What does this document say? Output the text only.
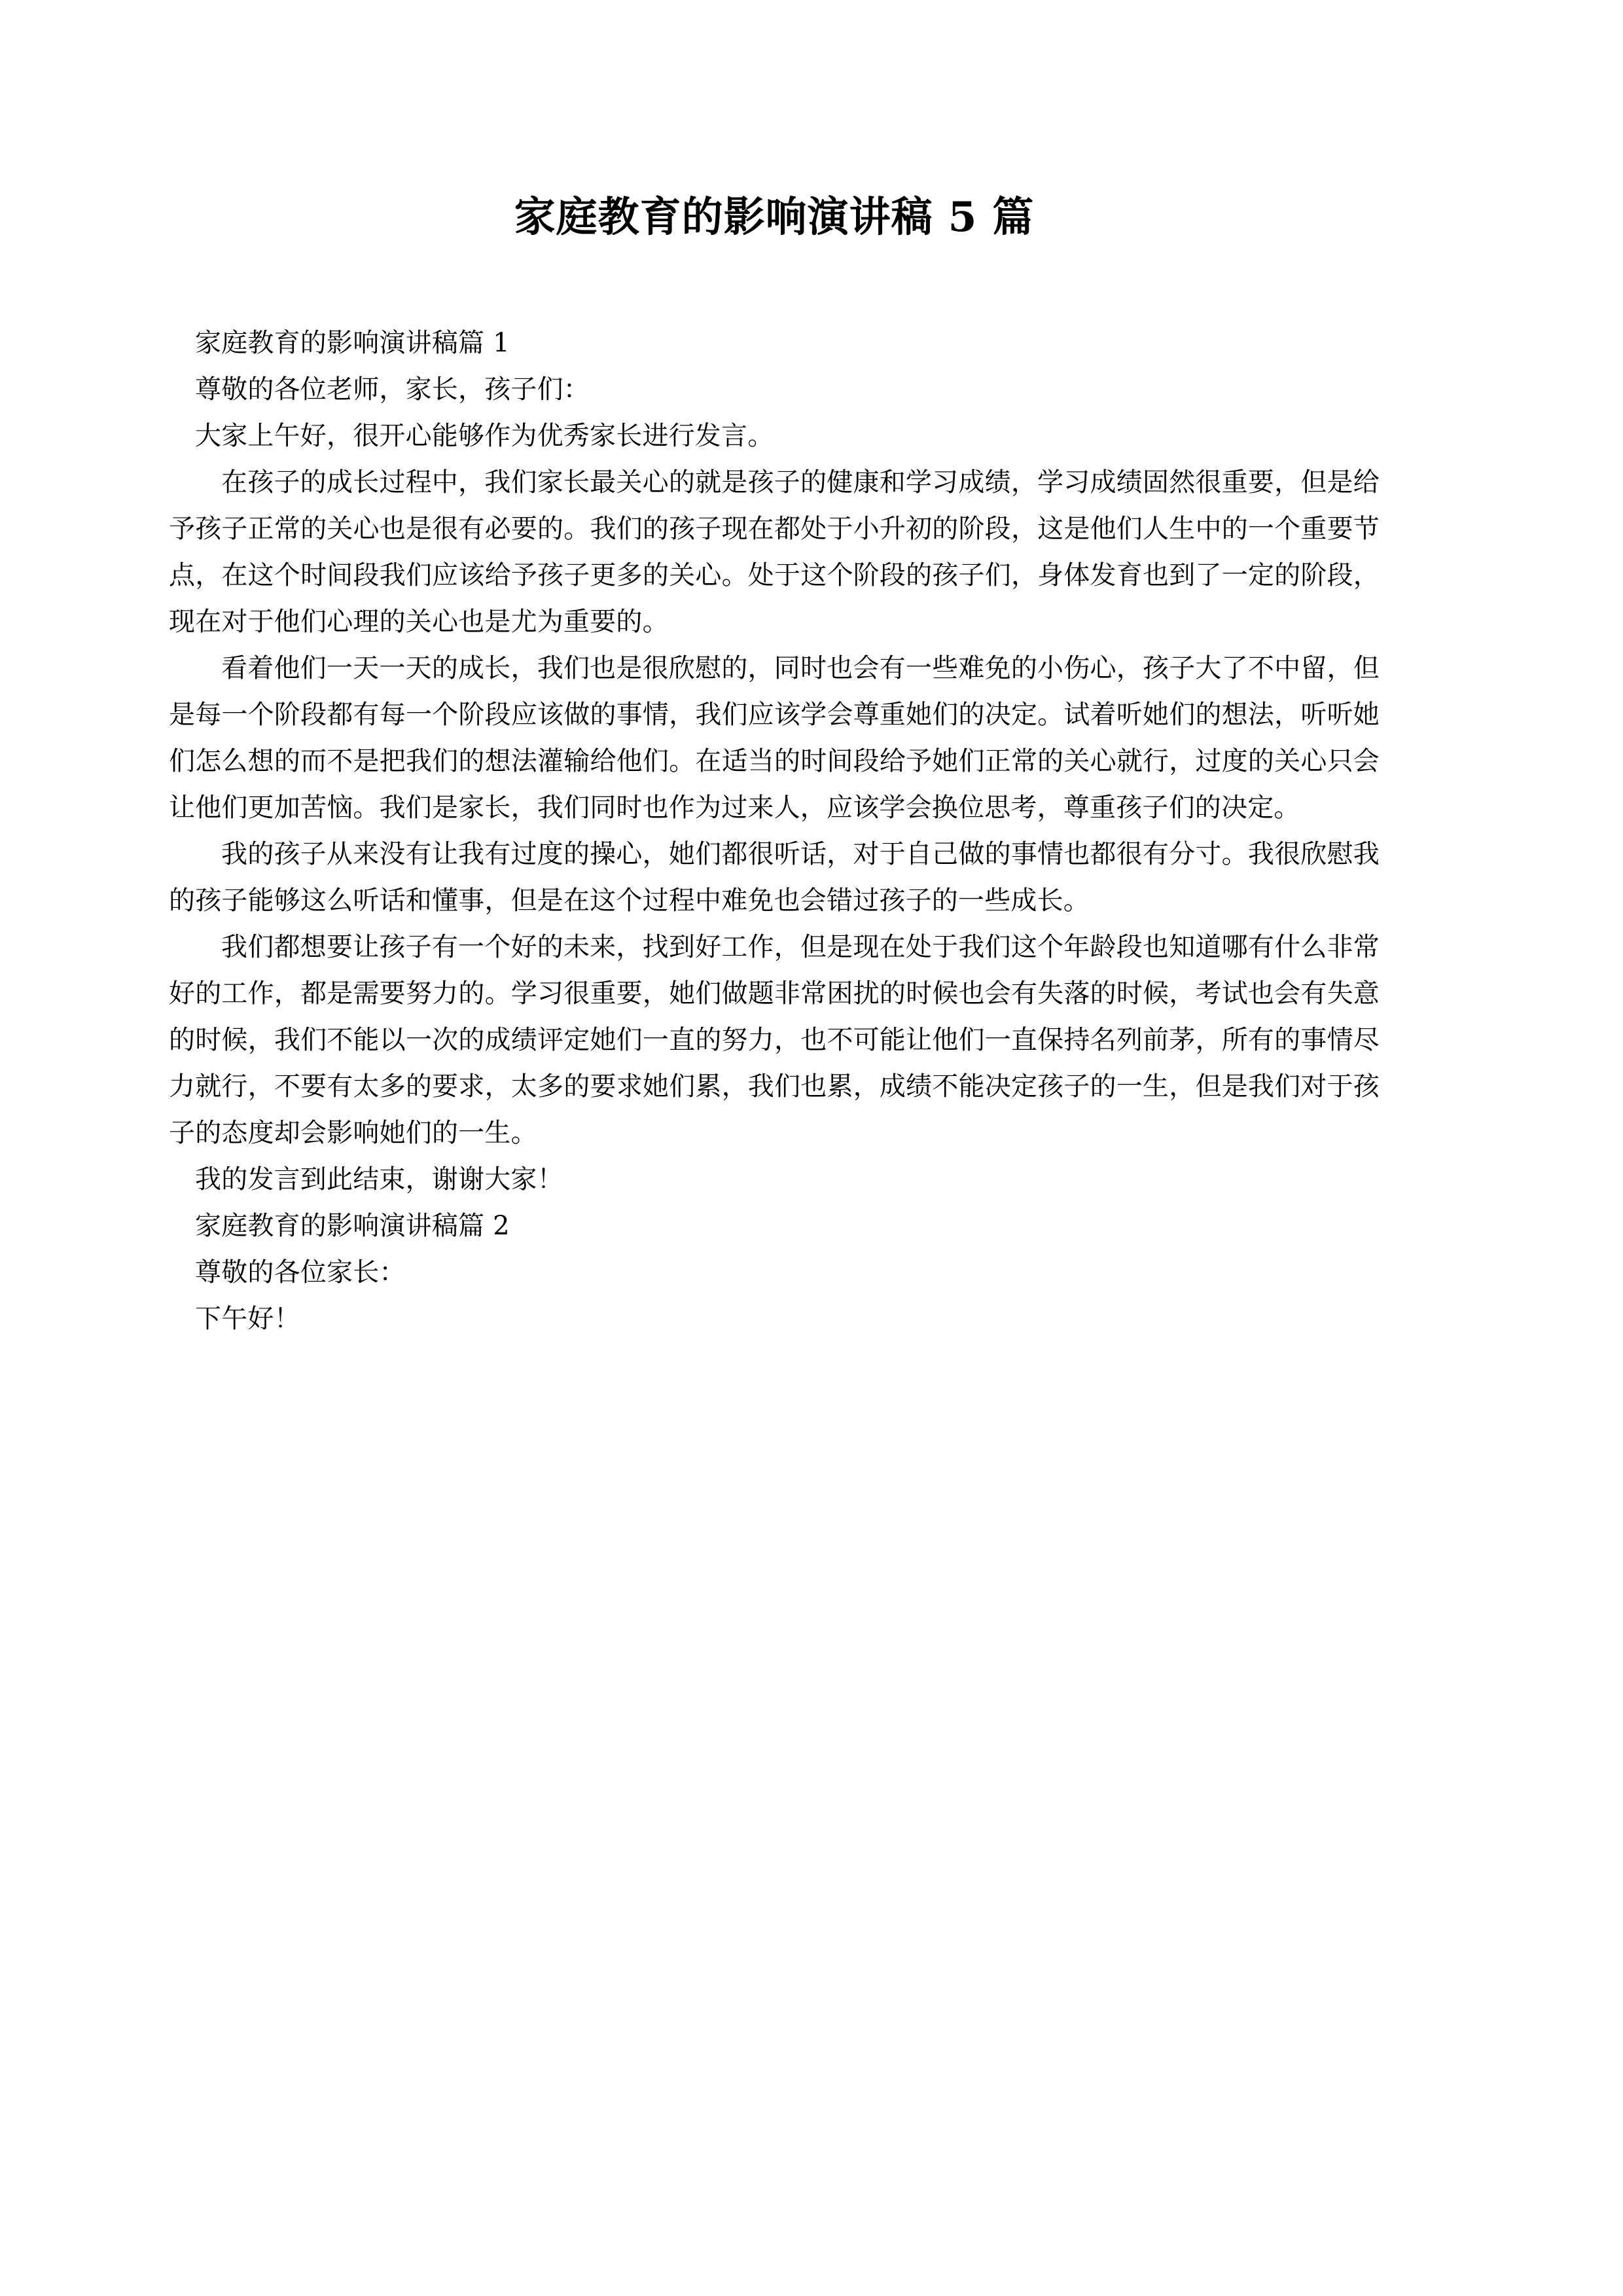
家庭教育的影响演讲稿 5 篇

家庭教育的影响演讲稿篇 1

尊敬的各位老师，家长，孩子们：

大家上午好，很开心能够作为优秀家长进行发言。

在孩子的成长过程中，我们家长最关心的就是孩子的健康和学习成绩，学习成绩固然很重要，但是给予孩子正常的关心也是很有必要的。我们的孩子现在都处于小升初的阶段，这是他们人生中的一个重要节点，在这个时间段我们应该给予孩子更多的关心。处于这个阶段的孩子们，身体发育也到了一定的阶段，现在对于他们心理的关心也是尤为重要的。

看着他们一天一天的成长，我们也是很欣慰的，同时也会有一些难免的小伤心，孩子大了不中留，但是每一个阶段都有每一个阶段应该做的事情，我们应该学会尊重她们的决定。试着听她们的想法，听听她们怎么想的而不是把我们的想法灌输给他们。在适当的时间段给予她们正常的关心就行，过度的关心只会让他们更加苦恼。我们是家长，我们同时也作为过来人，应该学会换位思考，尊重孩子们的决定。

我的孩子从来没有让我有过度的操心，她们都很听话，对于自己做的事情也都很有分寸。我很欣慰我的孩子能够这么听话和懂事，但是在这个过程中难免也会错过孩子的一些成长。

我们都想要让孩子有一个好的未来，找到好工作，但是现在处于我们这个年龄段也知道哪有什么非常好的工作，都是需要努力的。学习很重要，她们做题非常困扰的时候也会有失落的时候，考试也会有失意的时候，我们不能以一次的成绩评定她们一直的努力，也不可能让他们一直保持名列前茅，所有的事情尽力就行，不要有太多的要求，太多的要求她们累，我们也累，成绩不能决定孩子的一生，但是我们对于孩子的态度却会影响她们的一生。

我的发言到此结束，谢谢大家！

家庭教育的影响演讲稿篇 2

尊敬的各位家长：

下午好！
